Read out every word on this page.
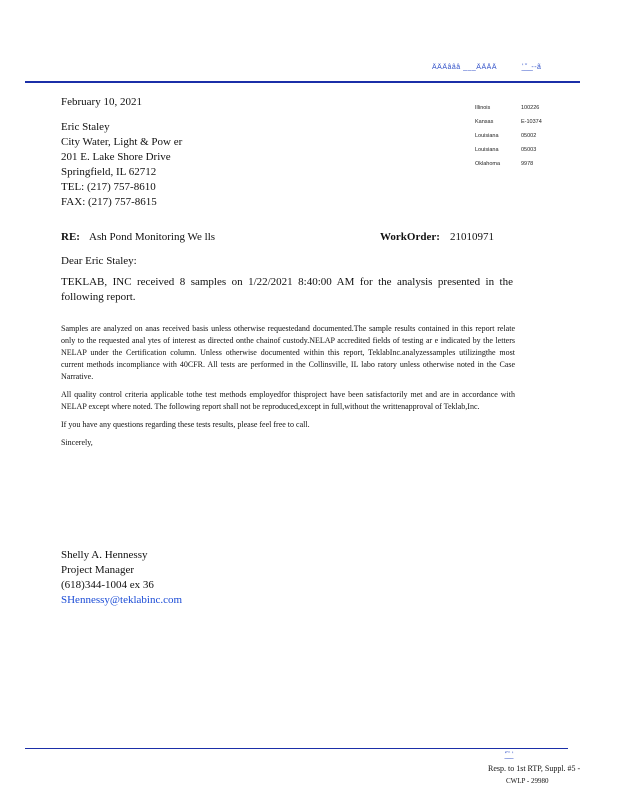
ÄÄÄâââ ___ÄÄÄÄ	ʻ̲ ̲̍̌ ̲̲ ̲--ã
February 10, 2021
Eric Staley
City Water, Light & Pow er
201 E. Lake Shore Drive
Springfield, IL 62712
TEL: (217) 757-8610
FAX: (217) 757-8615
Illinois	100226
Kansas	E-10374
Louisiana	05002
Louisiana	05003
Oklahoma	9978
RE: Ash Pond Monitoring We lls	WorkOrder: 21010971
Dear Eric Staley:
TEKLAB, INC received 8 samples on 1/22/2021 8:40:00 AM for the analysis presented in the following report.

Samples are analyzed on anas received basis unless otherwise requestedand documented.The sample results contained in this report relate only to the requested anal ytes of interest as directed onthe chainof custody.NELAP accredited fields of testing ar e indicated by the letters NELAP under the Certification column. Unless otherwise documented within this report, TeklabInc.analyzessamples utilizingthe most current methods incompliance with 40CFR. All tests are performed in the Collinsville, IL labo ratory unless otherwise noted in the Case Narrative.

All quality control criteria applicable tothe test methods employedfor thisproject have been satisfactorily met and are in accordance with NELAP except where noted. The following report shall not be reproduced,except in full,without the writtenapproval of Teklab,Inc.

If you have any questions regarding these tests results, please feel free to call.

Sincerely,

Shelly A. Hennessy
Project Manager
(618)344-1004 ex 36
SHennessy@teklabinc.com
ʻ̲̋ ̲̲̂ ̲ʻ
Resp. to 1st RTP, Suppl. #5 -
CWLP - 29980
